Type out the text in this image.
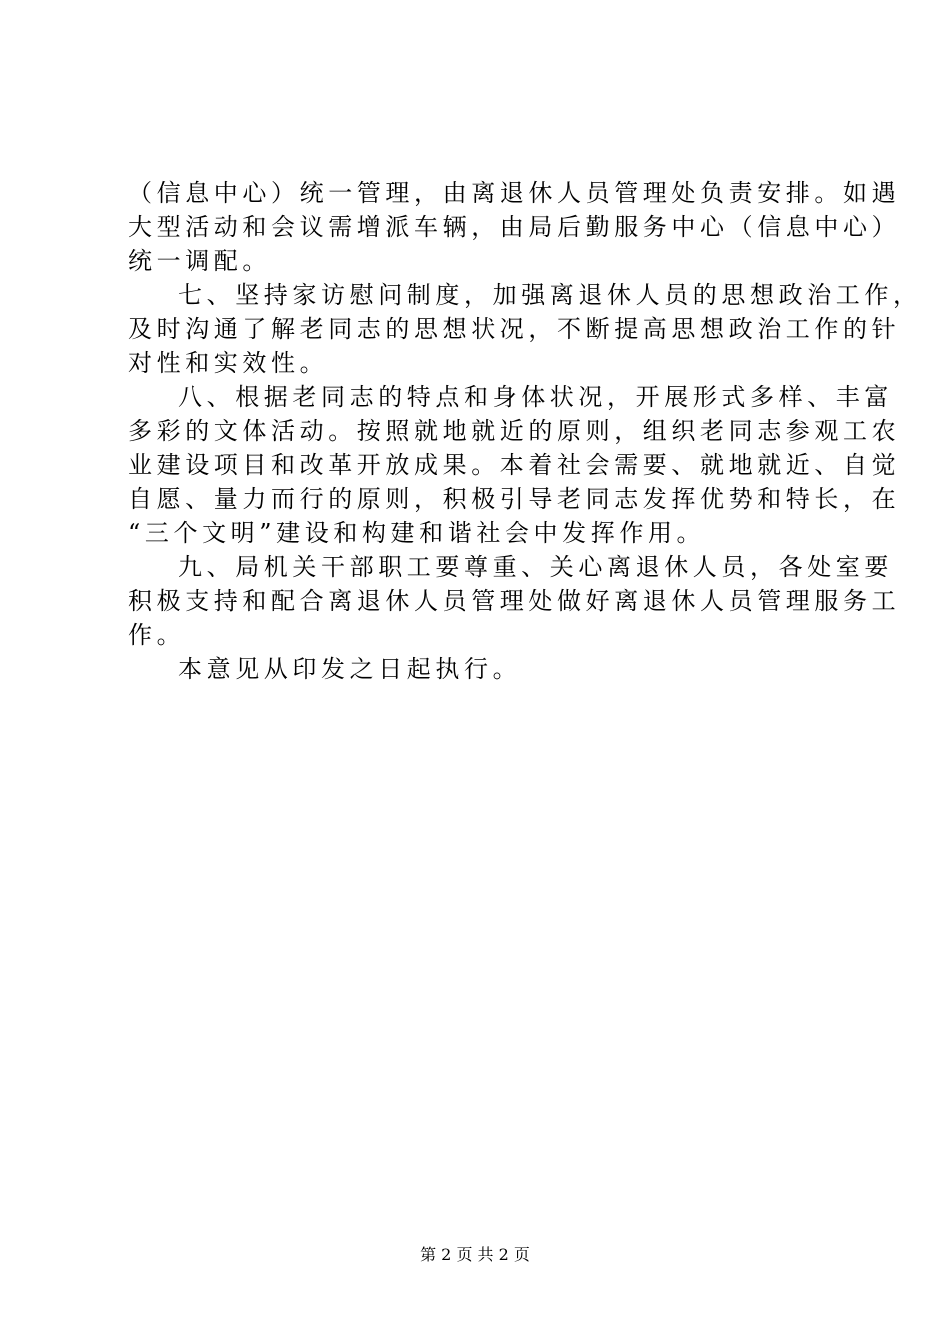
（信息中心）统一管理，由离退休人员管理处负责安排。如遇
大型活动和会议需增派车辆，由局后勤服务中心（信息中心）
统一调配。
七、坚持家访慰问制度，加强离退休人员的思想政治工作，
及时沟通了解老同志的思想状况，不断提高思想政治工作的针
对性和实效性。
八、根据老同志的特点和身体状况，开展形式多样、丰富
多彩的文体活动。按照就地就近的原则，组织老同志参观工农
业建设项目和改革开放成果。本着社会需要、就地就近、自觉
自愿、量力而行的原则，积极引导老同志发挥优势和特长，在
“三个文明”建设和构建和谐社会中发挥作用。
九、局机关干部职工要尊重、关心离退休人员，各处室要
积极支持和配合离退休人员管理处做好离退休人员管理服务工
作。
本意见从印发之日起执行。
第 2 页 共 2 页
